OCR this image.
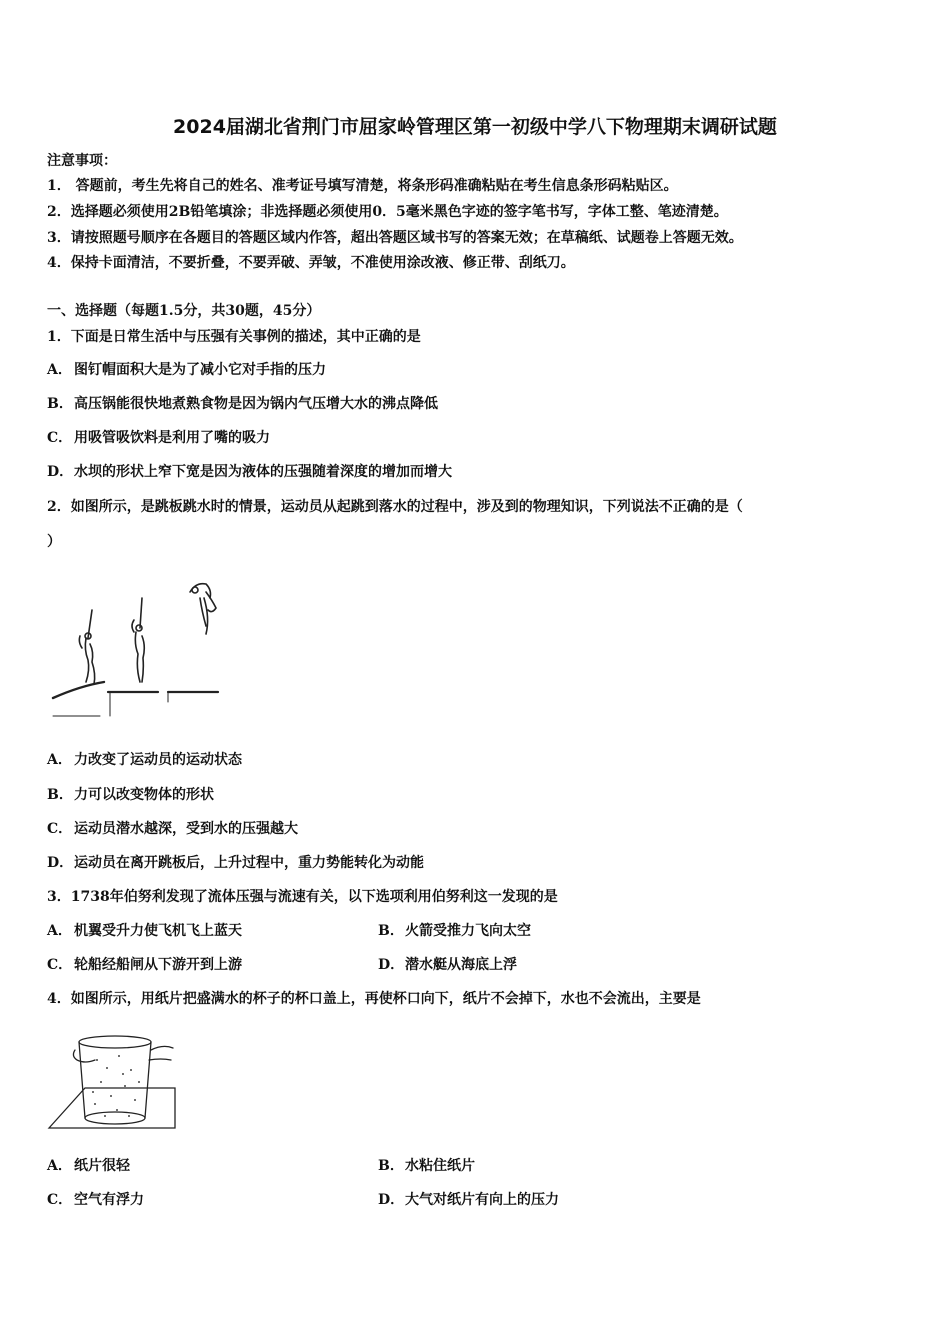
2024届湖北省荆门市屈家岭管理区第一初级中学八下物理期末调研试题
注意事项：
1． 答题前，考生先将自己的姓名、准考证号填写清楚，将条形码准确粘贴在考生信息条形码粘贴区。
2．选择题必须使用2B铅笔填涂；非选择题必须使用0．5毫米黑色字迹的签字笔书写，字体工整、笔迹清楚。
3．请按照题号顺序在各题目的答题区域内作答，超出答题区域书写的答案无效；在草稿纸、试题卷上答题无效。
4．保持卡面清洁，不要折叠，不要弄破、弄皱，不准使用涂改液、修正带、刮纸刀。
一、选择题（每题1.5分，共30题，45分）
1．下面是日常生活中与压强有关事例的描述，其中正确的是
A． 图钉帽面积大是为了减小它对手指的压力
B．高压锅能很快地煮熟食物是因为锅内气压增大水的沸点降低
C． 用吸管吸饮料是利用了嘴的吸力
D．水坝的形状上窄下宽是因为液体的压强随着深度的增加而增大
2．如图所示，是跳板跳水时的情景，运动员从起跳到落水的过程中，涉及到的物理知识，下列说法不正确的是（
）
A． 力改变了运动员的运动状态
B．力可以改变物体的形状
C． 运动员潜水越深，受到水的压强越大
D．运动员在离开跳板后，上升过程中，重力势能转化为动能
3．1738年伯努利发现了流体压强与流速有关，以下选项利用伯努利这一发现的是
A． 机翼受升力使飞机飞上蓝天	B．火箭受推力飞向太空
C． 轮船经船闸从下游开到上游	D．潜水艇从海底上浮
4．如图所示，用纸片把盛满水的杯子的杯口盖上，再使杯口向下，纸片不会掉下，水也不会流出，主要是
A． 纸片很轻	B．水粘住纸片
C． 空气有浮力	D．大气对纸片有向上的压力
